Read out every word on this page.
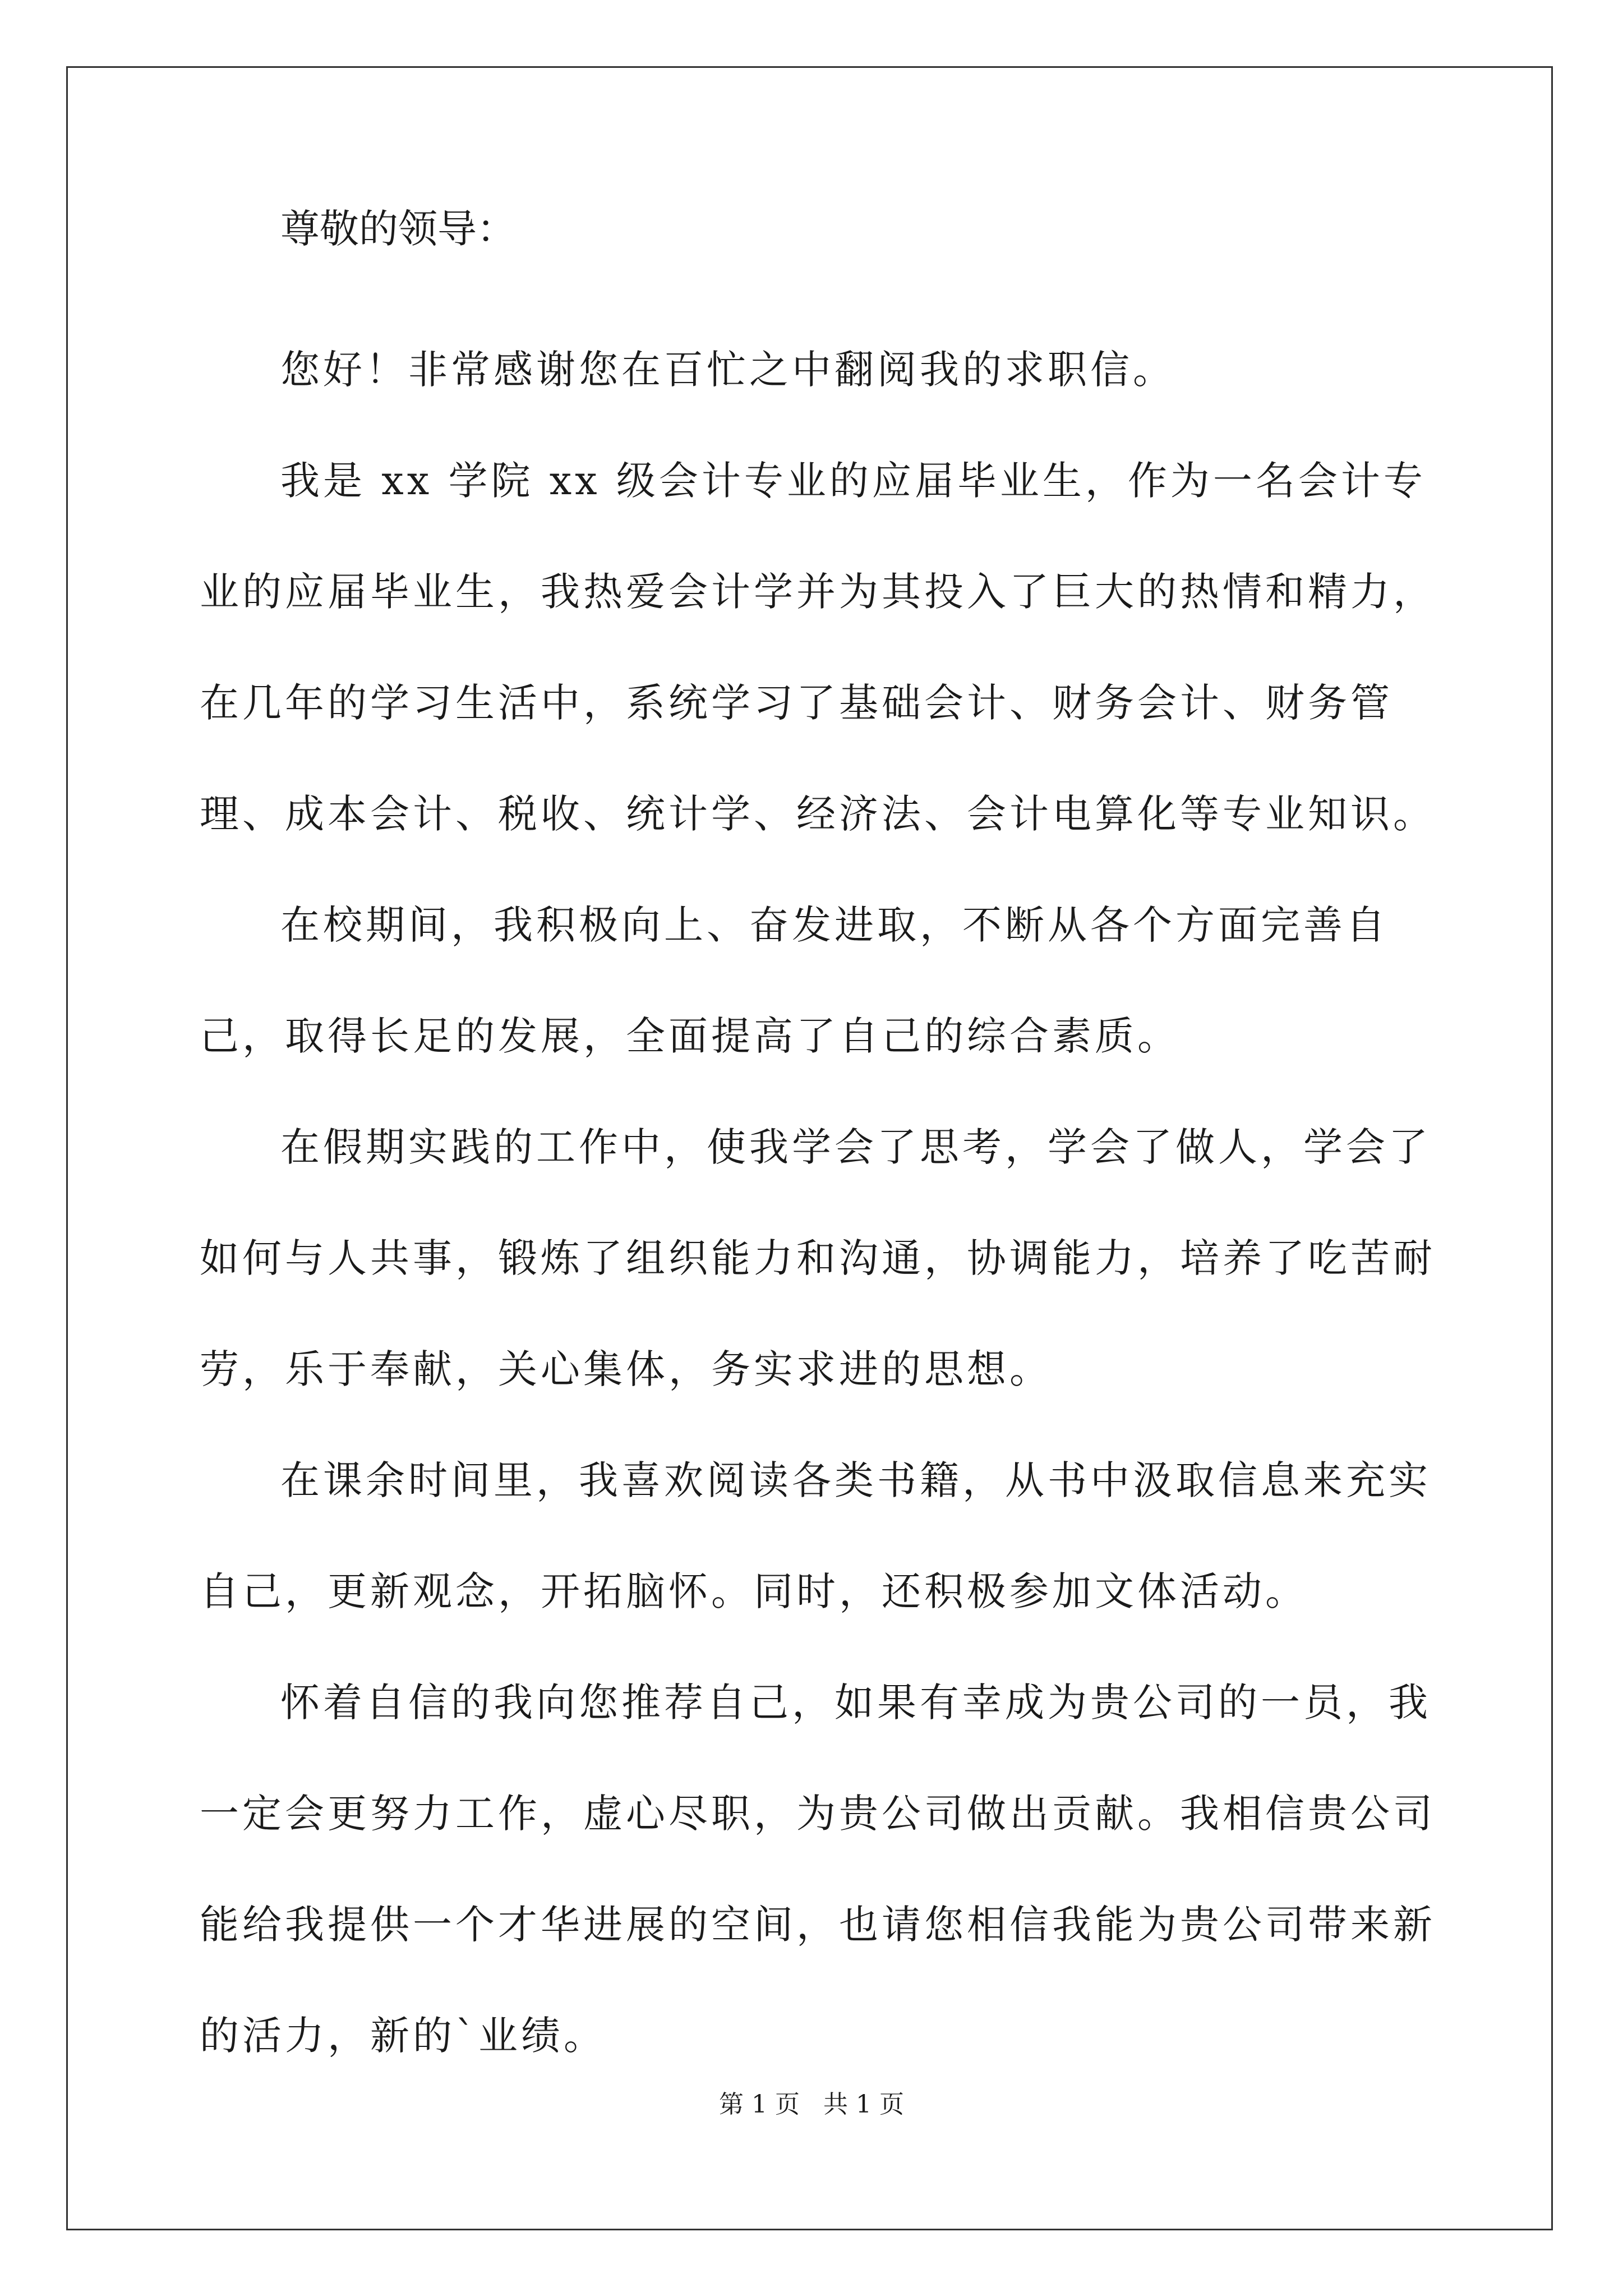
尊敬的领导：

您好！非常感谢您在百忙之中翻阅我的求职信。

我是 xx 学院 xx 级会计专业的应届毕业生，作为一名会计专业的应届毕业生，我热爱会计学并为其投入了巨大的热情和精力，在几年的学习生活中，系统学习了基础会计、财务会计、财务管理、成本会计、税收、统计学、经济法、会计电算化等专业知识。

在校期间，我积极向上、奋发进取，不断从各个方面完善自己，取得长足的发展，全面提高了自己的综合素质。

在假期实践的工作中，使我学会了思考，学会了做人，学会了如何与人共事，锻炼了组织能力和沟通，协调能力，培养了吃苦耐劳，乐于奉献，关心集体，务实求进的思想。

在课余时间里，我喜欢阅读各类书籍，从书中汲取信息来充实自己，更新观念，开拓脑怀。同时，还积极参加文体活动。

怀着自信的我向您推荐自己，如果有幸成为贵公司的一员，我一定会更努力工作，虚心尽职，为贵公司做出贡献。我相信贵公司能给我提供一个才华进展的空间，也请您相信我能为贵公司带来新的活力，新的`业绩。

第 1 页   共 1 页
